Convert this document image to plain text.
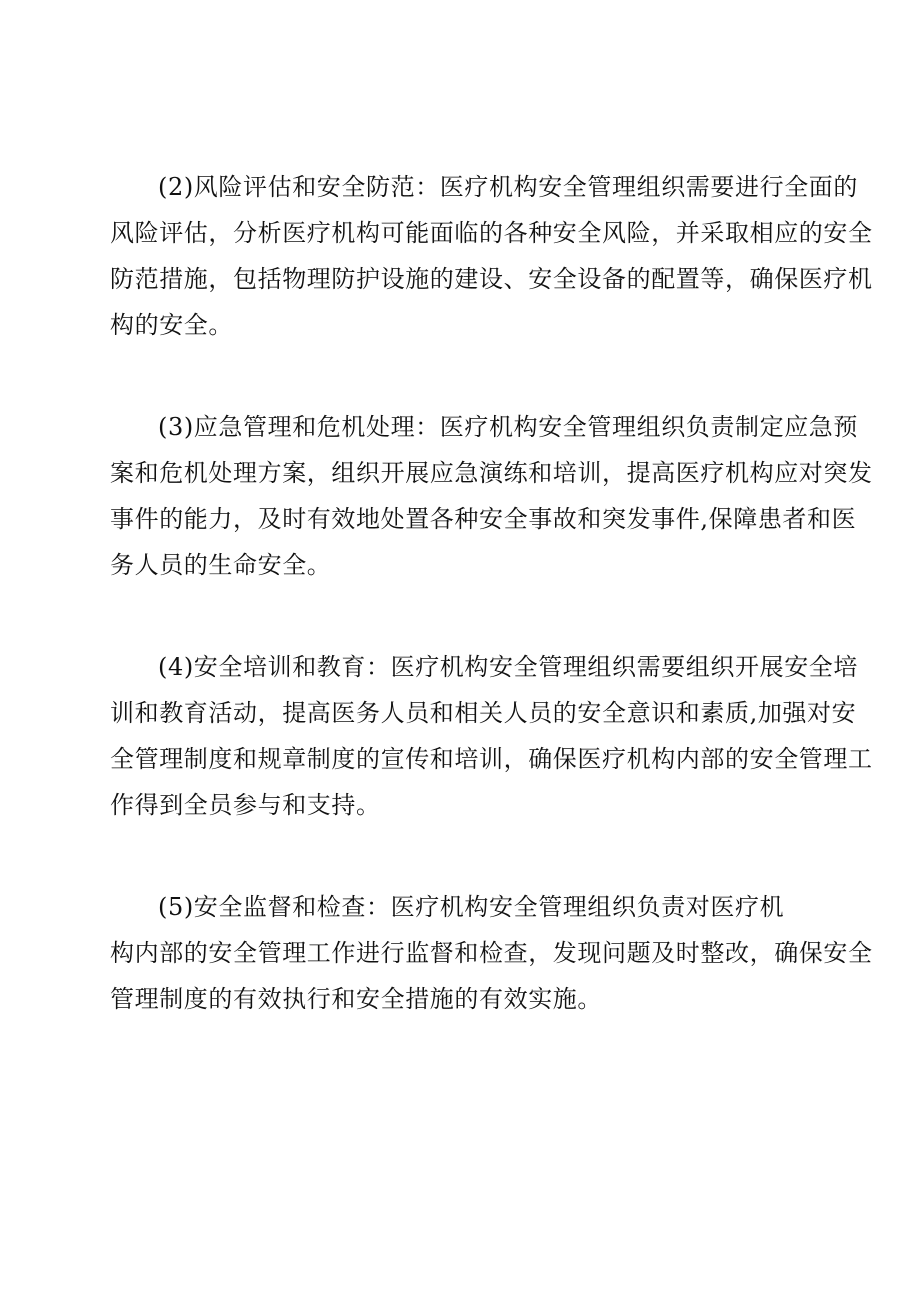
(2)风险评估和安全防范：医疗机构安全管理组织需要进行全面的
风险评估，分析医疗机构可能面临的各种安全风险，并采取相应的安全
防范措施，包括物理防护设施的建设、安全设备的配置等，确保医疗机
构的安全。
(3)应急管理和危机处理：医疗机构安全管理组织负责制定应急预
案和危机处理方案，组织开展应急演练和培训，提高医疗机构应对突发
事件的能力，及时有效地处置各种安全事故和突发事件,保障患者和医
务人员的生命安全。
(4)安全培训和教育：医疗机构安全管理组织需要组织开展安全培
训和教育活动，提高医务人员和相关人员的安全意识和素质,加强对安
全管理制度和规章制度的宣传和培训，确保医疗机构内部的安全管理工
作得到全员参与和支持。
(5)安全监督和检查：医疗机构安全管理组织负责对医疗机
构内部的安全管理工作进行监督和检查，发现问题及时整改，确保安全
管理制度的有效执行和安全措施的有效实施。
